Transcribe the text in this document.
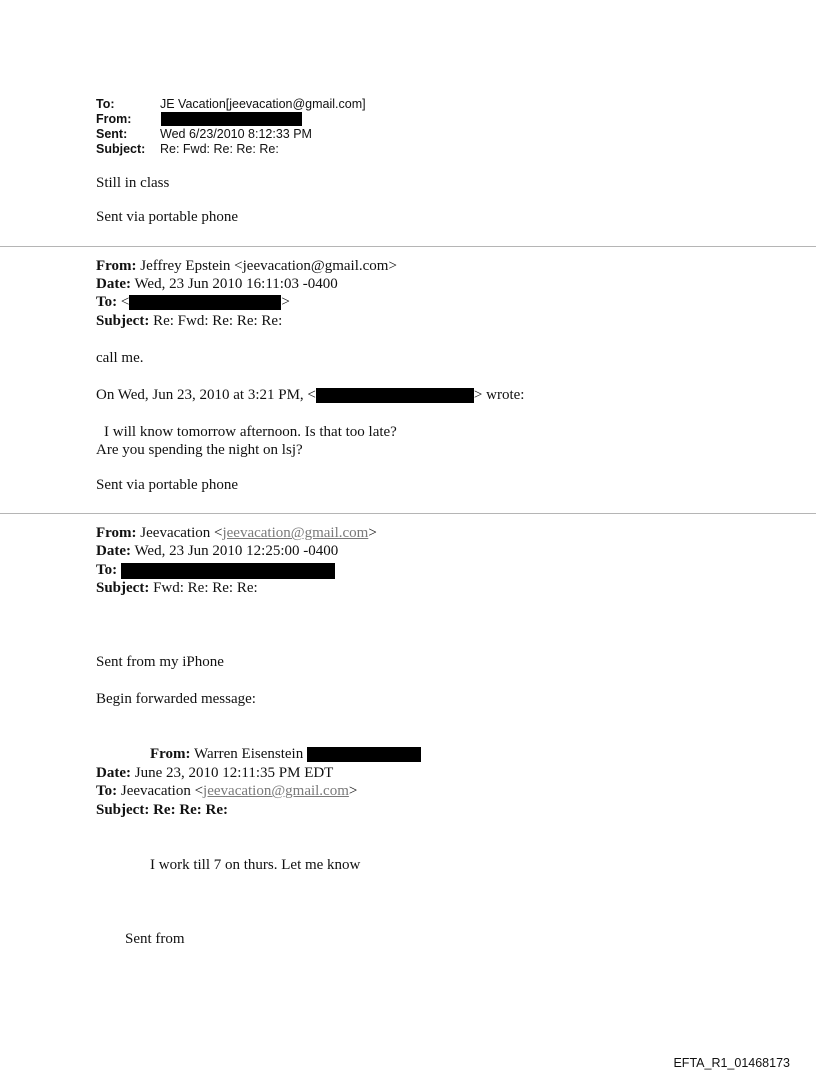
To:	JE Vacation[jeevacation@gmail.com]
From:
Sent:	Wed 6/23/2010 8:12:33 PM
Subject: Re: Fwd: Re: Re: Re:
Still in class
Sent via portable phone
From: Jeffrey Epstein <jeevacation@gmail.com>
Date: Wed, 23 Jun 2010 16:11:03 -0400
To: <	>
Subject: Re: Fwd: Re: Re: Re:
call me.
On Wed, Jun 23, 2010 at 3:21 PM, <	> wrote:
I will know tomorrow afternoon. Is that too late?
Are you spending the night on lsj?
Sent via portable phone
From: Jeevacation <jeevacation@gmail.com>
Date: Wed, 23 Jun 2010 12:25:00 -0400
To:
Subject: Fwd: Re: Re: Re:
Sent from my iPhone
Begin forwarded message:
From: Warren Eisenstein
Date: June 23, 2010 12:11:35 PM EDT
To: Jeevacation <jeevacation@gmail.com>
Subject: Re: Re: Re:
I work till 7 on thurs. Let me know
Sent from
EFTA_R1_01468173
